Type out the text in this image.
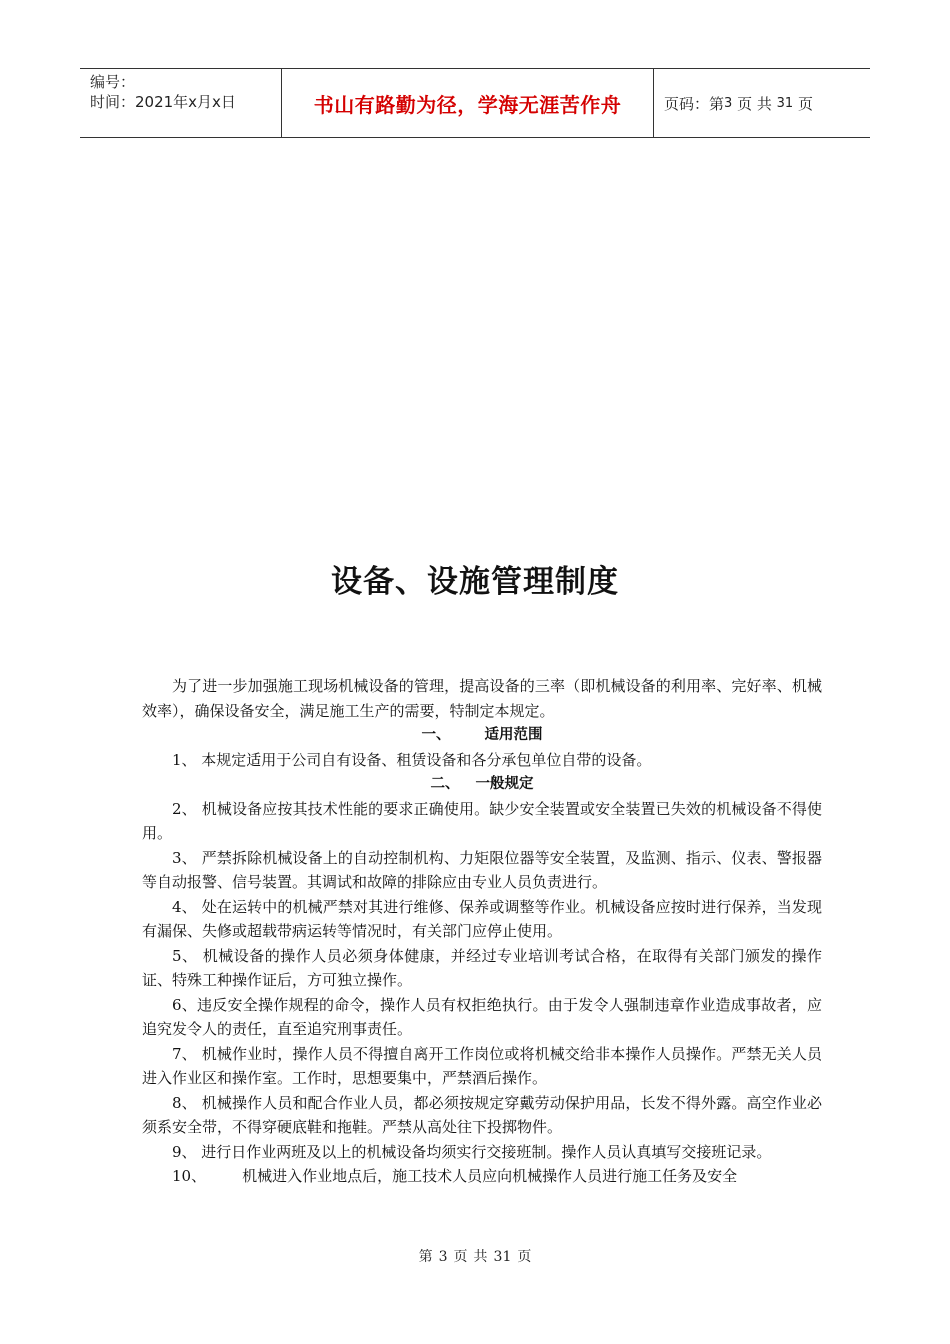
编号：
时间：2021年x月x日	书山有路勤为径，学海无涯苦作舟	页码：第 3
页 共
31
页
设备、设施管理制度

为了进一步加强施工现场机械设备的管理，提高设备的三率（即机械设备的利用率、完好率、机械效率），确保设备安全，满足施工生产的需要，特制定本规定。

一、 适用范围

1、 本规定适用于公司自有设备、租赁设备和各分承包单位自带的设备。

二、 一般规定

2、 机械设备应按其技术性能的要求正确使用。缺少安全装置或安全装置已失效的机械设备不得使用。

3、 严禁拆除机械设备上的自动控制机构、力矩限位器等安全装置，及监测、指示、仪表、警报器等自动报警、信号装置。其调试和故障的排除应由专业人员负责进行。

4、 处在运转中的机械严禁对其进行维修、保养或调整等作业。机械设备应按时进行保养，当发现有漏保、失修或超载带病运转等情况时，有关部门应停止使用。

5、 机械设备的操作人员必须身体健康，并经过专业培训考试合格，在取得有关部门颁发的操作证、特殊工种操作证后，方可独立操作。

6、违反安全操作规程的命令，操作人员有权拒绝执行。由于发令人强制违章作业造成事故者，应追究发令人的责任，直至追究刑事责任。

7、 机械作业时，操作人员不得擅自离开工作岗位或将机械交给非本操作人员操作。严禁无关人员进入作业区和操作室。工作时，思想要集中，严禁酒后操作。

8、 机械操作人员和配合作业人员，都必须按规定穿戴劳动保护用品，长发不得外露。高空作业必须系安全带，不得穿硬底鞋和拖鞋。严禁从高处往下投掷物件。

9、 进行日作业两班及以上的机械设备均须实行交接班制。操作人员认真填写交接班记录。

10、 机械进入作业地点后，施工技术人员应向机械操作人员进行施工任务及安全

第 3 页 共 31 页
